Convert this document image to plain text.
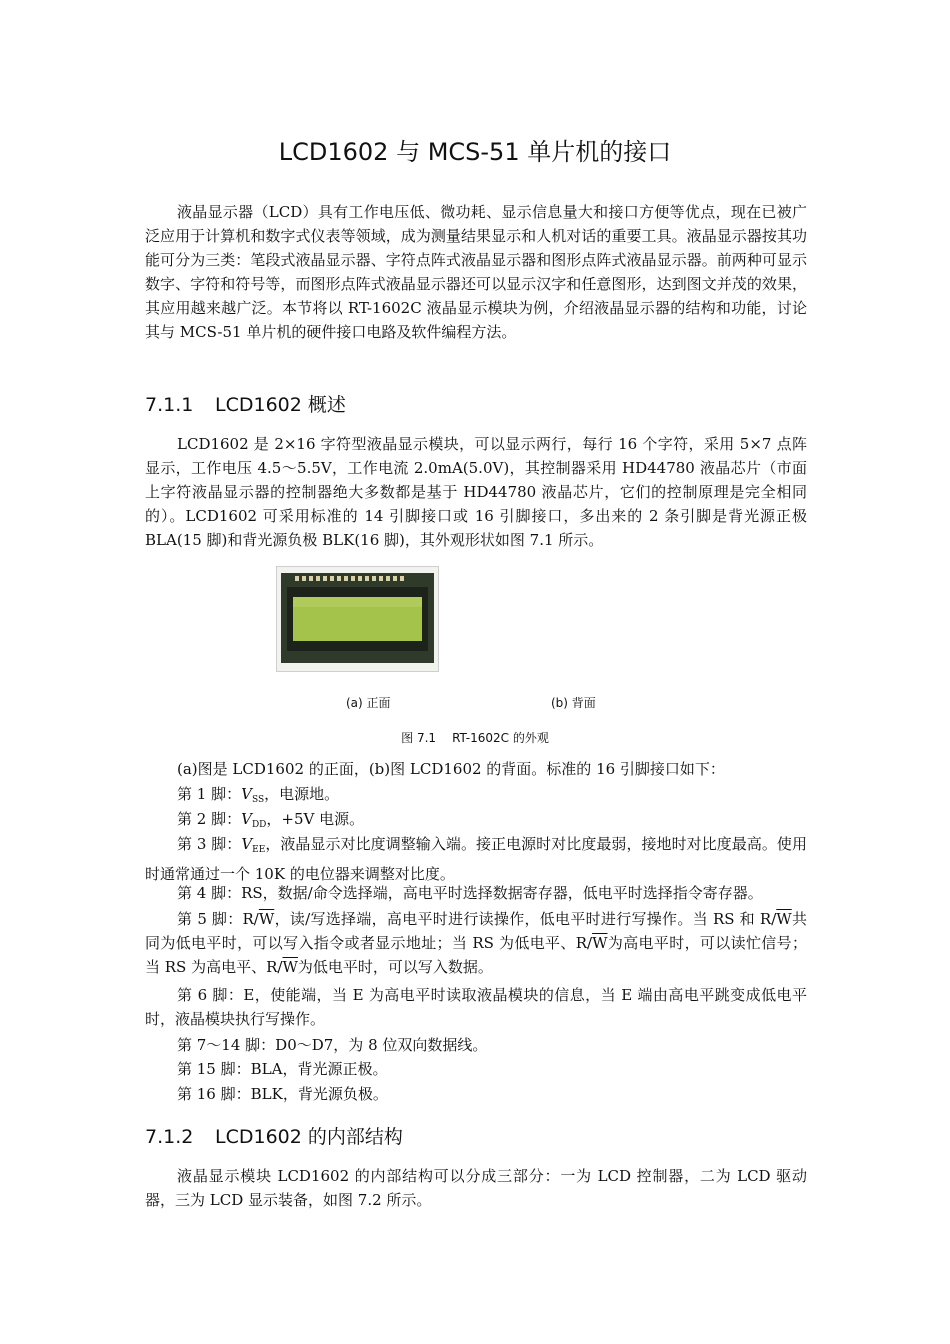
LCD1602 与 MCS-51 单片机的接口

液晶显示器（LCD）具有工作电压低、微功耗、显示信息量大和接口方便等优点，现在已被广泛应用于计算机和数字式仪表等领域，成为测量结果显示和人机对话的重要工具。液晶显示器按其功能可分为三类：笔段式液晶显示器、字符点阵式液晶显示器和图形点阵式液晶显示器。前两种可显示数字、字符和符号等，而图形点阵式液晶显示器还可以显示汉字和任意图形，达到图文并茂的效果，其应用越来越广泛。本节将以 RT-1602C 液晶显示模块为例，介绍液晶显示器的结构和功能，讨论其与 MCS-51 单片机的硬件接口电路及软件编程方法。

7.1.1 LCD1602 概述

LCD1602 是 2×16 字符型液晶显示模块，可以显示两行，每行 16 个字符，采用 5×7 点阵显示，工作电压 4.5～5.5V，工作电流 2.0mA(5.0V)，其控制器采用 HD44780 液晶芯片（市面上字符液晶显示器的控制器绝大多数都是基于 HD44780 液晶芯片，它们的控制原理是完全相同的）。LCD1602 可采用标准的 14 引脚接口或 16 引脚接口，多出来的 2 条引脚是背光源正极 BLA(15 脚)和背光源负极 BLK(16 脚)，其外观形状如图 7.1 所示。

(a) 正面	(b) 背面
图 7.1 RT-1602C 的外观

(a)图是 LCD1602 的正面，(b)图 LCD1602 的背面。标准的 16 引脚接口如下：

第 1 脚：$V_{SS}$，电源地。

第 2 脚：$V_{DD}$，+5V 电源。

第 3 脚：$V_{EE}$，液晶显示对比度调整输入端。接正电源时对比度最弱，接地时对比度最高。使用时通常通过一个 10K 的电位器来调整对比度。

第 4 脚：RS，数据/命令选择端，高电平时选择数据寄存器，低电平时选择指令寄存器。

第 5 脚：$R/\overline{W}$，读/写选择端，高电平时进行读操作，低电平时进行写操作。当 RS 和 $R/\overline{W}$共同为低电平时，可以写入指令或者显示地址；当 RS 为低电平、$R/\overline{W}$为高电平时，可以读忙信号；当 RS 为高电平、$R/\overline{W}$为低电平时，可以写入数据。

第 6 脚：E，使能端，当 E 为高电平时读取液晶模块的信息，当 E 端由高电平跳变成低电平时，液晶模块执行写操作。

第 7～14 脚：D0～D7，为 8 位双向数据线。

第 15 脚：BLA，背光源正极。

第 16 脚：BLK，背光源负极。

7.1.2 LCD1602 的内部结构

液晶显示模块 LCD1602 的内部结构可以分成三部分：一为 LCD 控制器，二为 LCD 驱动器，三为 LCD 显示装备，如图 7.2 所示。
